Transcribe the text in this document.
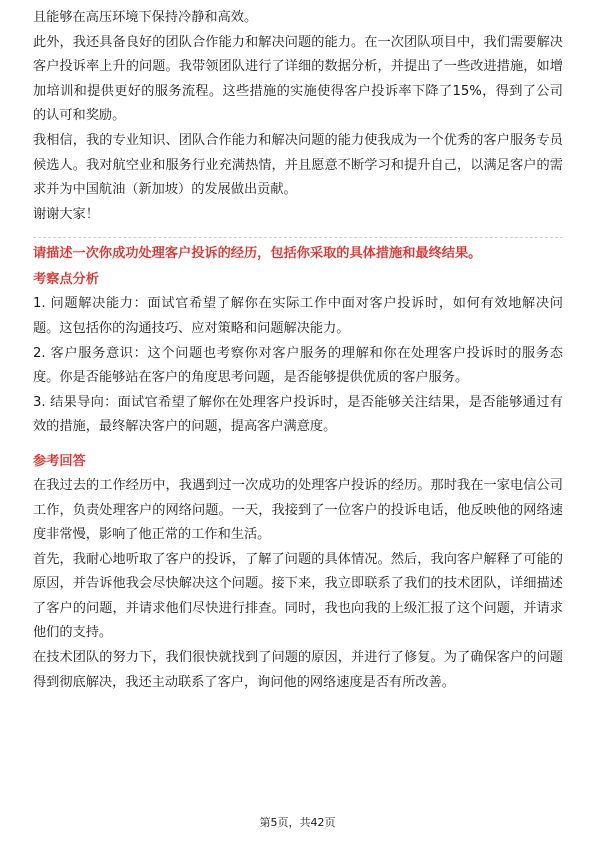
且能够在高压环境下保持冷静和高效。

此外，我还具备良好的团队合作能力和解决问题的能力。在一次团队项目中，我们需要解决客户投诉率上升的问题。我带领团队进行了详细的数据分析，并提出了一些改进措施，如增加培训和提供更好的服务流程。这些措施的实施使得客户投诉率下降了15%，得到了公司的认可和奖励。

我相信，我的专业知识、团队合作能力和解决问题的能力使我成为一个优秀的客户服务专员候选人。我对航空业和服务行业充满热情，并且愿意不断学习和提升自己，以满足客户的需求并为中国航油（新加坡）的发展做出贡献。

谢谢大家！

请描述一次你成功处理客户投诉的经历，包括你采取的具体措施和最终结果。

考察点分析

1. 问题解决能力：面试官希望了解你在实际工作中面对客户投诉时，如何有效地解决问题。这包括你的沟通技巧、应对策略和问题解决能力。

2. 客户服务意识：这个问题也考察你对客户服务的理解和你在处理客户投诉时的服务态度。你是否能够站在客户的角度思考问题，是否能够提供优质的客户服务。

3. 结果导向：面试官希望了解你在处理客户投诉时，是否能够关注结果，是否能够通过有效的措施，最终解决客户的问题，提高客户满意度。

参考回答

在我过去的工作经历中，我遇到过一次成功的处理客户投诉的经历。那时我在一家电信公司工作，负责处理客户的网络问题。一天，我接到了一位客户的投诉电话，他反映他的网络速度非常慢，影响了他正常的工作和生活。

首先，我耐心地听取了客户的投诉，了解了问题的具体情况。然后，我向客户解释了可能的原因，并告诉他我会尽快解决这个问题。接下来，我立即联系了我们的技术团队，详细描述了客户的问题，并请求他们尽快进行排查。同时，我也向我的上级汇报了这个问题，并请求他们的支持。

在技术团队的努力下，我们很快就找到了问题的原因，并进行了修复。为了确保客户的问题得到彻底解决，我还主动联系了客户，询问他的网络速度是否有所改善。

第5页，共42页
